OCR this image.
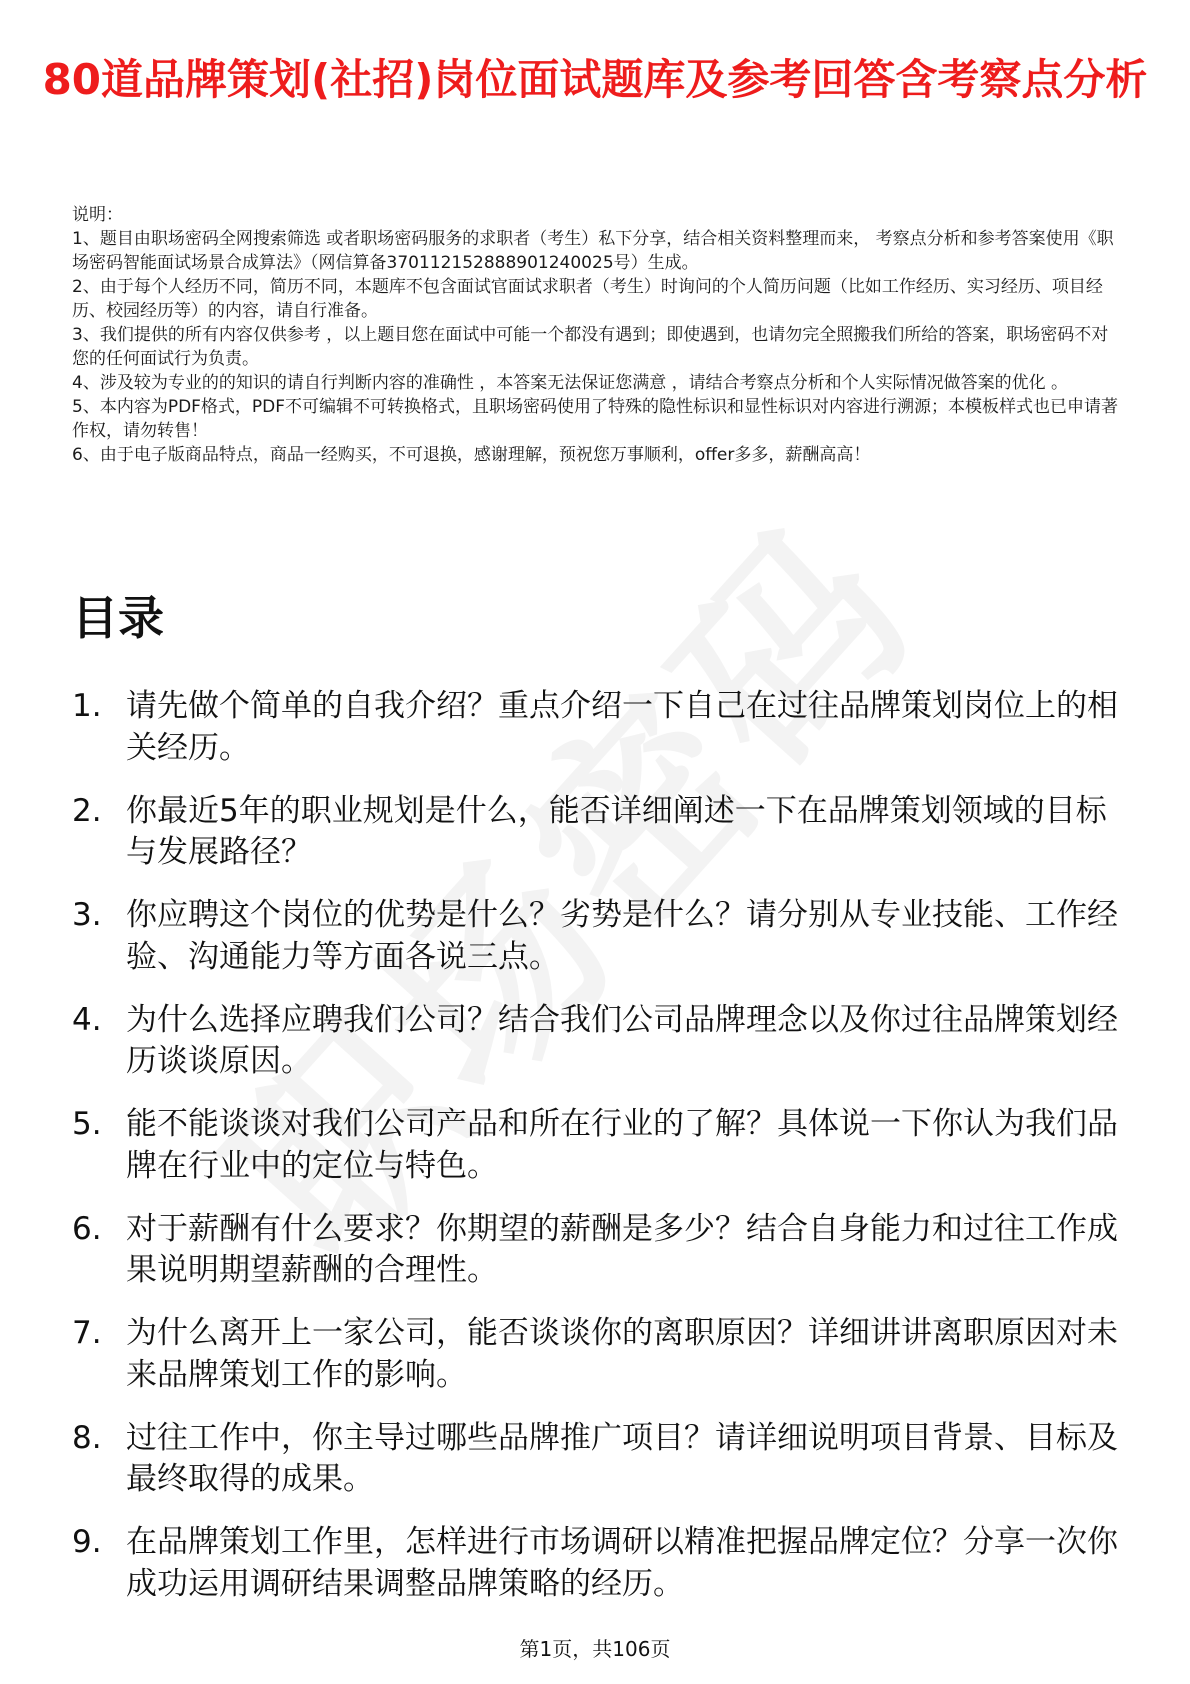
80道品牌策划(社招)岗位面试题库及参考回答含考察点分析

说明：

1、题目由职场密码全网搜索筛选 或者职场密码服务的求职者（考生）私下分享，结合相关资料整理而来， 考察点分析和参考答案使用《职场密码智能面试场景合成算法》（网信算备370112152888901240025号）生成。

2、由于每个人经历不同，简历不同，本题库不包含面试官面试求职者（考生）时询问的个人简历问题（比如工作经历、实习经历、项目经历、校园经历等）的内容，请自行准备。

3、我们提供的所有内容仅供参考 ，以上题目您在面试中可能一个都没有遇到；即使遇到，也请勿完全照搬我们所给的答案，职场密码不对您的任何面试行为负责。

4、涉及较为专业的的知识的请自行判断内容的准确性 ，本答案无法保证您满意 ，请结合考察点分析和个人实际情况做答案的优化 。

5、本内容为PDF格式，PDF不可编辑不可转换格式，且职场密码使用了特殊的隐性标识和显性标识对内容进行溯源；本模板样式也已申请著作权，请勿转售！

6、由于电子版商品特点，商品一经购买，不可退换，感谢理解，预祝您万事顺利，offer多多，薪酬高高！

目录
1. 请先做个简单的自我介绍？重点介绍一下自己在过往品牌策划岗位上的相关经历。
2. 你最近5年的职业规划是什么，能否详细阐述一下在品牌策划领域的目标与发展路径？
3. 你应聘这个岗位的优势是什么？劣势是什么？请分别从专业技能、工作经验、沟通能力等方面各说三点。
4. 为什么选择应聘我们公司？结合我们公司品牌理念以及你过往品牌策划经历谈谈原因。
5. 能不能谈谈对我们公司产品和所在行业的了解？具体说一下你认为我们品牌在行业中的定位与特色。
6. 对于薪酬有什么要求？你期望的薪酬是多少？结合自身能力和过往工作成果说明期望薪酬的合理性。
7. 为什么离开上一家公司，能否谈谈你的离职原因？详细讲讲离职原因对未来品牌策划工作的影响。
8. 过往工作中，你主导过哪些品牌推广项目？请详细说明项目背景、目标及最终取得的成果。
9. 在品牌策划工作里，怎样进行市场调研以精准把握品牌定位？分享一次你成功运用调研结果调整品牌策略的经历。
第1页，共106页
